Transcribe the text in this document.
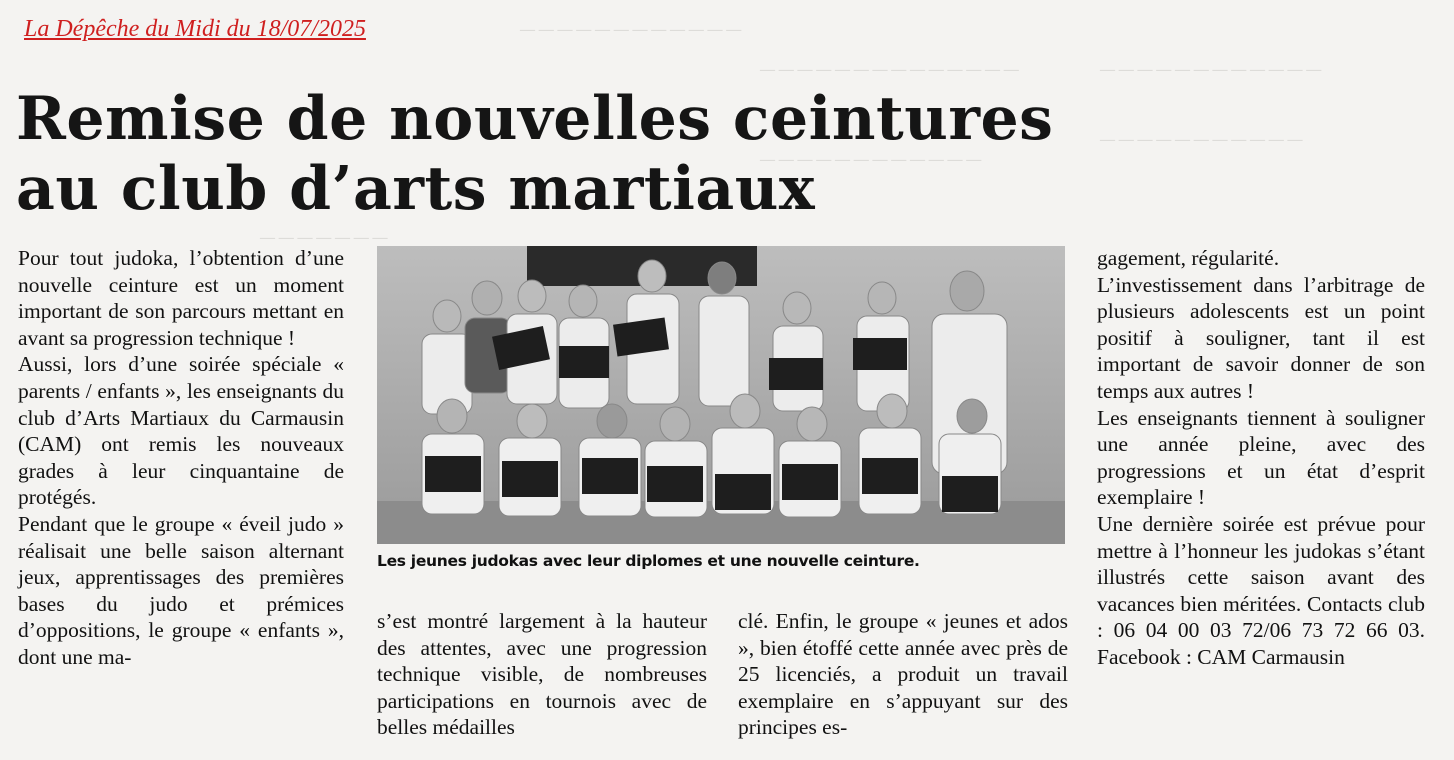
— — — — — — — — — — — —
— — — — — — — — — — — — — —	— — — — — — — — — — — —
— — — — — — — — — — —
— — — — — — — — — — — —
— — — — — — —
La Dépêche du Midi du 18/07/2025
Remise de nouvelles ceintures
au club d’arts martiaux

Pour tout judoka, l’obtention d’une nouvelle ceinture est un moment important de son parcours mettant en avant sa progression technique !

Aussi, lors d’une soirée spéciale « parents / enfants », les enseignants du club d’Arts Martiaux du Carmausin (CAM) ont remis les nouveaux grades à leur cinquantaine de protégés.

Pendant que le groupe « éveil judo » réalisait une belle saison alternant jeux, apprentissages des premières bases du judo et prémices d’oppositions, le groupe « enfants », dont une ma-

Les jeunes judokas avec leur diplomes et une nouvelle ceinture.

s’est montré largement à la hauteur des attentes, avec une progression technique visible, de nombreuses participations en tournois avec de belles médailles

clé. Enfin, le groupe « jeunes et ados », bien étoffé cette année avec près de 25 licenciés, a produit un travail exemplaire en s’appuyant sur des principes es-

gagement, régularité.

L’investissement dans l’arbitrage de plusieurs adolescents est un point positif à souligner, tant il est important de savoir donner de son temps aux autres !

Les enseignants tiennent à souligner une année pleine, avec des progressions et un état d’esprit exemplaire !

Une dernière soirée est prévue pour mettre à l’honneur les judokas s’étant illustrés cette saison avant des vacances bien méritées. Contacts club : 06 04 00 03 72/06 73 72 66 03. Facebook : CAM Carmausin
